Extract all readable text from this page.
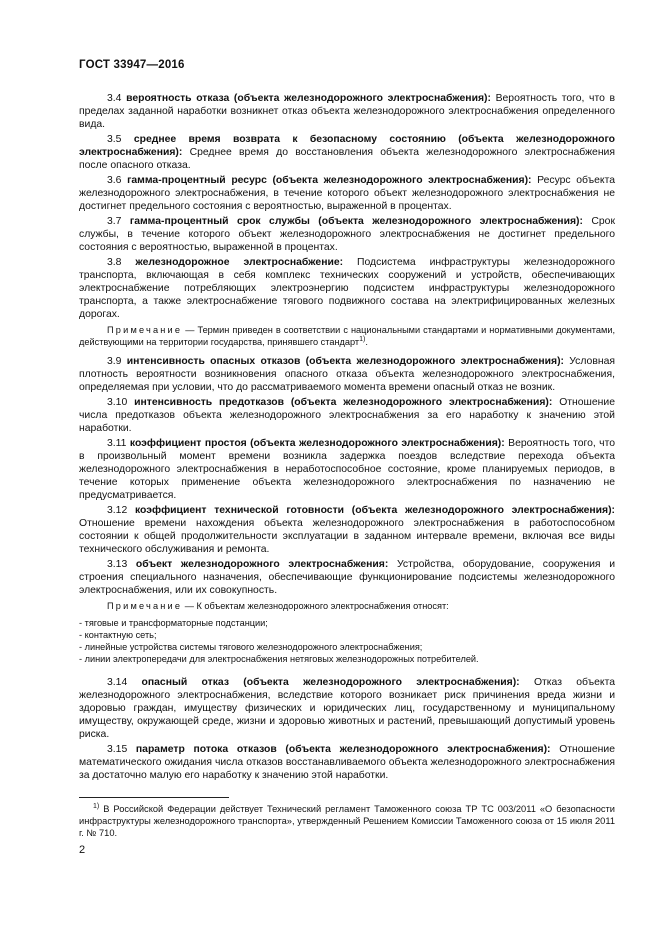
ГОСТ 33947—2016

3.4 вероятность отказа (объекта железнодорожного электроснабжения): Вероятность того, что в пределах заданной наработки возникнет отказ объекта железнодорожного электроснабжения определенного вида.

3.5 среднее время возврата к безопасному состоянию (объекта железнодорожного электроснабжения): Среднее время до восстановления объекта железнодорожного электроснабжения после опасного отказа.

3.6 гамма-процентный ресурс (объекта железнодорожного электроснабжения): Ресурс объекта железнодорожного электроснабжения, в течение которого объект железнодорожного электроснабжения не достигнет предельного состояния с вероятностью, выраженной в процентах.

3.7 гамма-процентный срок службы (объекта железнодорожного электроснабжения): Срок службы, в течение которого объект железнодорожного электроснабжения не достигнет предельного состояния с вероятностью, выраженной в процентах.

3.8 железнодорожное электроснабжение: Подсистема инфраструктуры железнодорожного транспорта, включающая в себя комплекс технических сооружений и устройств, обеспечивающих электроснабжение потребляющих электроэнергию подсистем инфраструктуры железнодорожного транспорта, а также электроснабжение тягового подвижного состава на электрифицированных железных дорогах.

Примечание — Термин приведен в соответствии с национальными стандартами и нормативными документами, действующими на территории государства, принявшего стандарт$^{1)}$.

3.9 интенсивность опасных отказов (объекта железнодорожного электроснабжения): Условная плотность вероятности возникновения опасного отказа объекта железнодорожного электроснабжения, определяемая при условии, что до рассматриваемого момента времени опасный отказ не возник.

3.10 интенсивность предотказов (объекта железнодорожного электроснабжения): Отношение числа предотказов объекта железнодорожного электроснабжения за его наработку к значению этой наработки.

3.11 коэффициент простоя (объекта железнодорожного электроснабжения): Вероятность того, что в произвольный момент времени возникла задержка поездов вследствие перехода объекта железнодорожного электроснабжения в неработоспособное состояние, кроме планируемых периодов, в течение которых применение объекта железнодорожного электроснабжения по назначению не предусматривается.

3.12 коэффициент технической готовности (объекта железнодорожного электроснабжения): Отношение времени нахождения объекта железнодорожного электроснабжения в работоспособном состоянии к общей продолжительности эксплуатации в заданном интервале времени, включая все виды технического обслуживания и ремонта.

3.13 объект железнодорожного электроснабжения: Устройства, оборудование, сооружения и строения специального назначения, обеспечивающие функционирование подсистемы железнодорожного электроснабжения, или их совокупность.

Примечание — К объектам железнодорожного электроснабжения относят:

- тяговые и трансформаторные подстанции;
- контактную сеть;
- линейные устройства системы тягового железнодорожного электроснабжения;
- линии электропередачи для электроснабжения нетяговых железнодорожных потребителей.

3.14 опасный отказ (объекта железнодорожного электроснабжения): Отказ объекта железнодорожного электроснабжения, вследствие которого возникает риск причинения вреда жизни и здоровью граждан, имуществу физических и юридических лиц, государственному и муниципальному имуществу, окружающей среде, жизни и здоровью животных и растений, превышающий допустимый уровень риска.

3.15 параметр потока отказов (объекта железнодорожного электроснабжения): Отношение математического ожидания числа отказов восстанавливаемого объекта железнодорожного электроснабжения за достаточно малую его наработку к значению этой наработки.

$^{1)}$ В Российской Федерации действует Технический регламент Таможенного союза ТР ТС 003/2011 «О безопасности инфраструктуры железнодорожного транспорта», утвержденный Решением Комиссии Таможенного союза от 15 июля 2011 г. № 710.
2
